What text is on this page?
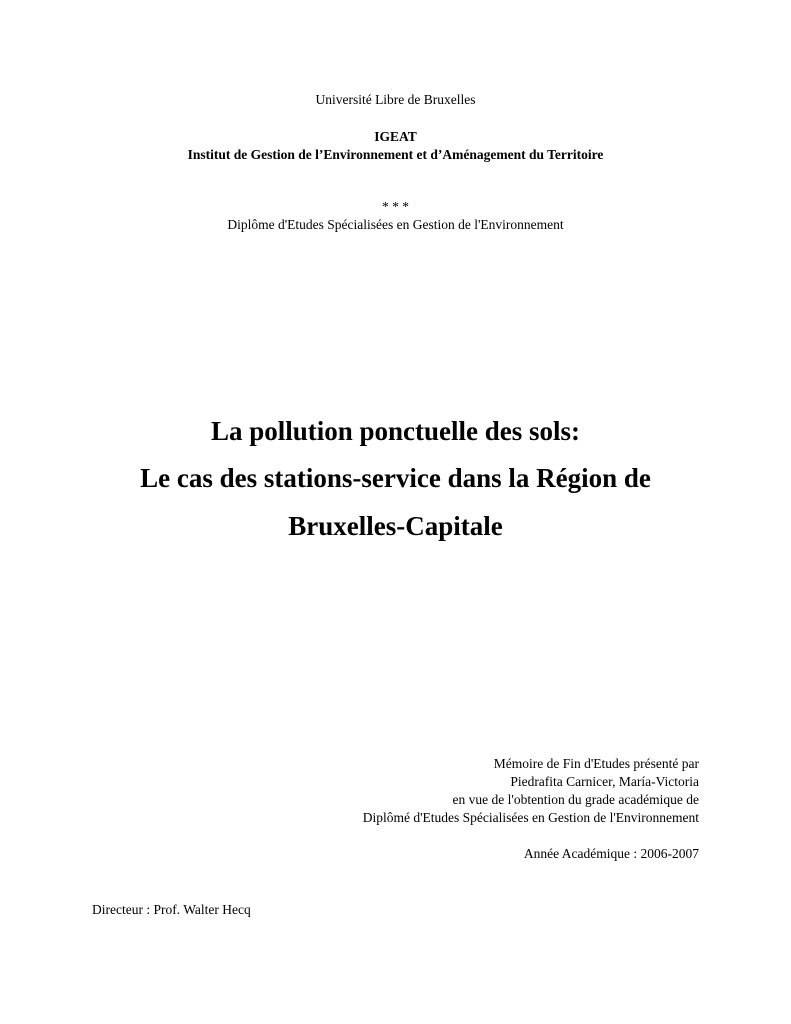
Université Libre de Bruxelles
IGEAT
Institut de Gestion de l’Environnement et d’Aménagement du Territoire
* * *
Diplôme d'Etudes Spécialisées en Gestion de l'Environnement
La pollution ponctuelle des sols:
Le cas des stations-service dans la Région de
Bruxelles-Capitale
Mémoire de Fin d'Etudes présenté par
Piedrafita Carnicer, María-Victoria
en vue de l'obtention du grade académique de
Diplômé d'Etudes Spécialisées en Gestion de l'Environnement
Année Académique : 2006-2007
Directeur : Prof. Walter Hecq
